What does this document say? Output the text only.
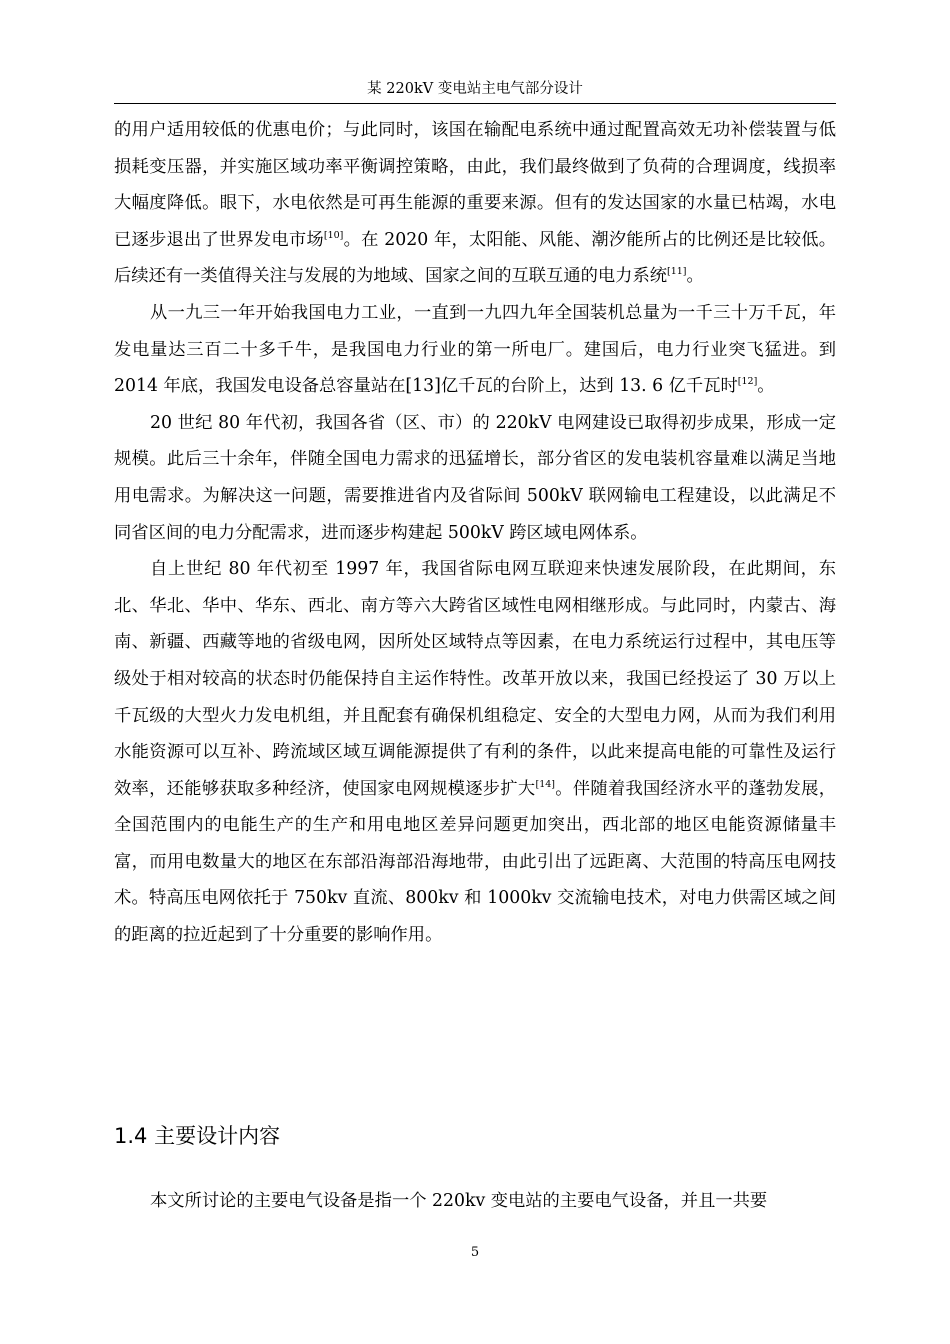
某 220kV 变电站主电气部分设计

的用户适用较低的优惠电价；与此同时，该国在输配电系统中通过配置高效无功补偿装置与低损耗变压器，并实施区域功率平衡调控策略，由此，我们最终做到了负荷的合理调度，线损率大幅度降低。眼下，水电依然是可再生能源的重要来源。但有的发达国家的水量已枯竭，水电已逐步退出了世界发电市场[10]。在 2020 年，太阳能、风能、潮汐能所占的比例还是比较低。后续还有一类值得关注与发展的为地域、国家之间的互联互通的电力系统[11]。

从一九三一年开始我国电力工业，一直到一九四九年全国装机总量为一千三十万千瓦，年发电量达三百二十多千牛，是我国电力行业的第一所电厂。建国后，电力行业突飞猛进。到 2014 年底，我国发电设备总容量站在[13]亿千瓦的台阶上，达到 13. 6 亿千瓦时[12]。

20 世纪 80 年代初，我国各省（区、市）的 220kV 电网建设已取得初步成果，形成一定规模。此后三十余年，伴随全国电力需求的迅猛增长，部分省区的发电装机容量难以满足当地用电需求。为解决这一问题，需要推进省内及省际间 500kV 联网输电工程建设，以此满足不同省区间的电力分配需求，进而逐步构建起 500kV 跨区域电网体系。

自上世纪 80 年代初至 1997 年，我国省际电网互联迎来快速发展阶段，在此期间，东北、华北、华中、华东、西北、南方等六大跨省区域性电网相继形成。与此同时，内蒙古、海南、新疆、西藏等地的省级电网，因所处区域特点等因素，在电力系统运行过程中，其电压等级处于相对较高的状态时仍能保持自主运作特性。改革开放以来，我国已经投运了 30 万以上千瓦级的大型火力发电机组，并且配套有确保机组稳定、安全的大型电力网，从而为我们利用水能资源可以互补、跨流域区域互调能源提供了有利的条件，以此来提高电能的可靠性及运行效率，还能够获取多种经济，使国家电网规模逐步扩大[14]。伴随着我国经济水平的蓬勃发展，全国范围内的电能生产的生产和用电地区差异问题更加突出，西北部的地区电能资源储量丰富，而用电数量大的地区在东部沿海部沿海地带，由此引出了远距离、大范围的特高压电网技术。特高压电网依托于 750kv 直流、800kv 和 1000kv 交流输电技术，对电力供需区域之间的距离的拉近起到了十分重要的影响作用。

1.4 主要设计内容

本文所讨论的主要电气设备是指一个 220kv 变电站的主要电气设备，并且一共要

5
